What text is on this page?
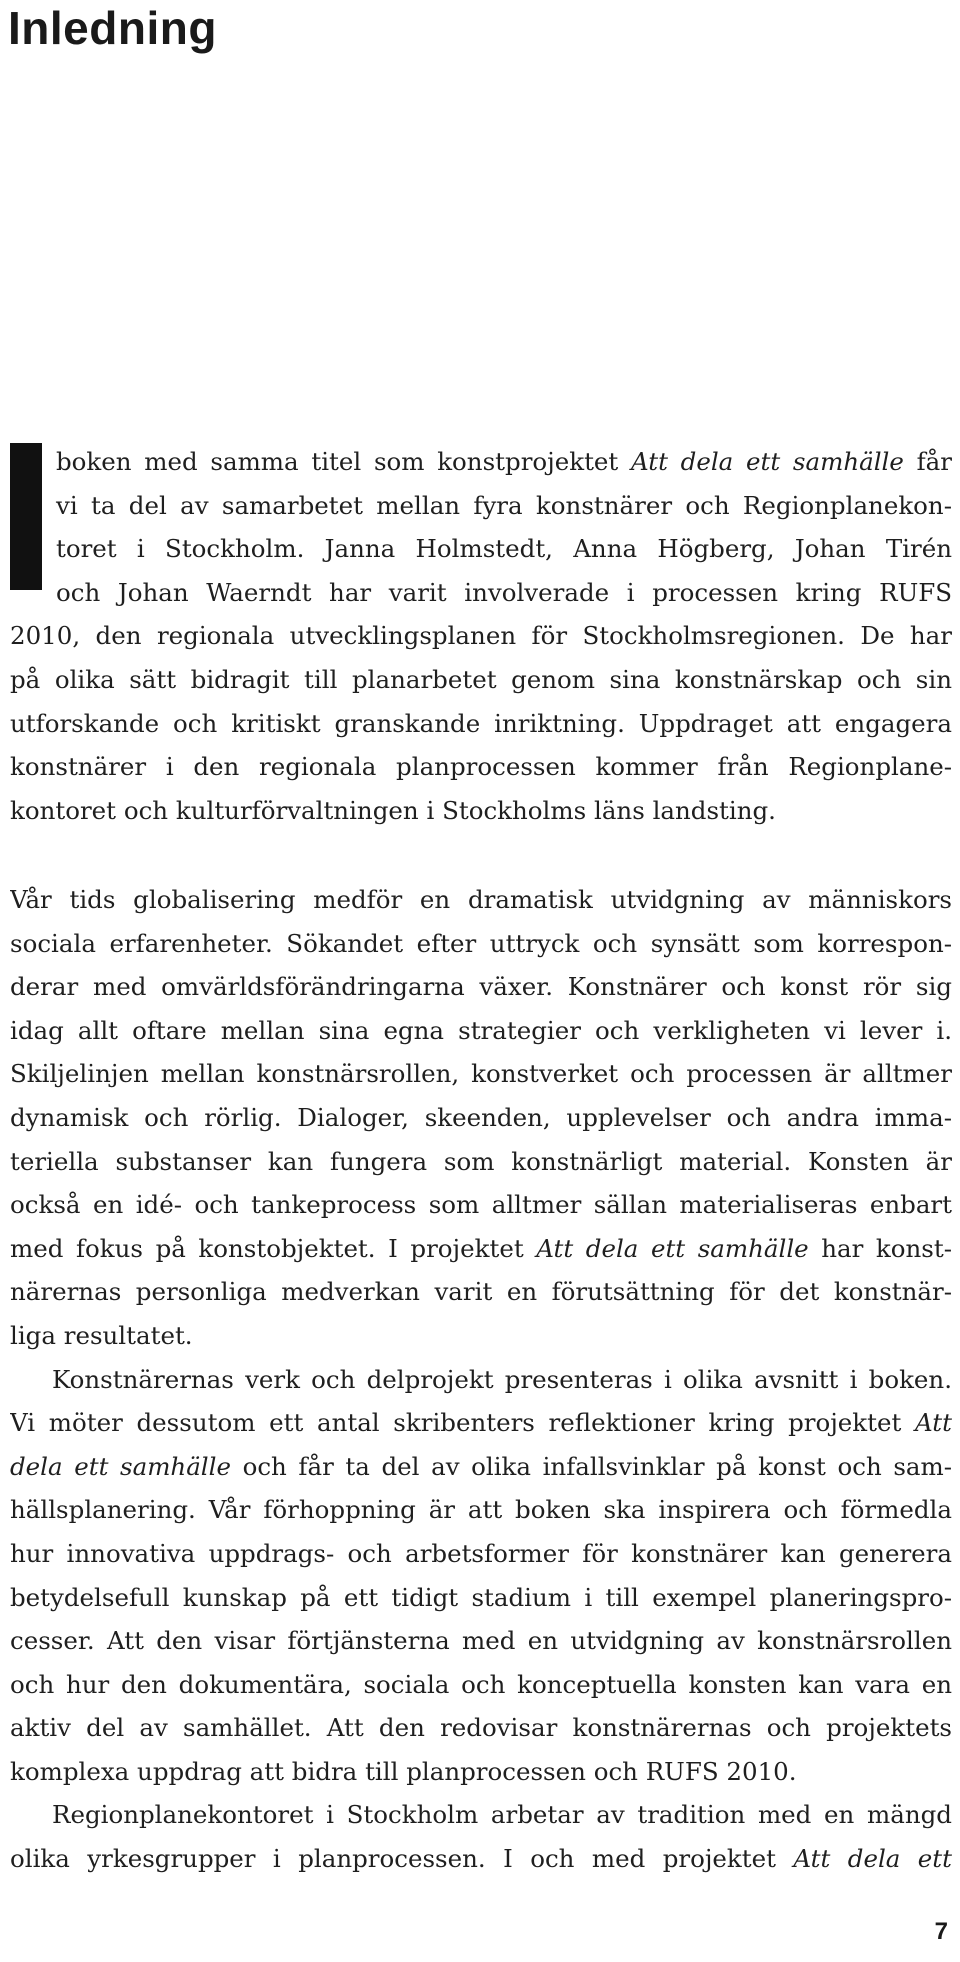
Inledning
boken med samma titel som konstprojektet Att dela ett samhälle får
vi ta del av samarbetet mellan fyra konstnärer och Regionplanekon-
toret i Stockholm. Janna Holmstedt, Anna Högberg, Johan Tirén
och Johan Waerndt har varit involverade i processen kring RUFS
2010, den regionala utvecklingsplanen för Stockholmsregionen. De har
på olika sätt bidragit till planarbetet genom sina konstnärskap och sin
utforskande och kritiskt granskande inriktning. Uppdraget att engagera
konstnärer i den regionala planprocessen kommer från Regionplane-
kontoret och kulturförvaltningen i Stockholms läns landsting.
Vår tids globalisering medför en dramatisk utvidgning av människors
sociala erfarenheter. Sökandet efter uttryck och synsätt som korrespon-
derar med omvärldsförändringarna växer. Konstnärer och konst rör sig
idag allt oftare mellan sina egna strategier och verkligheten vi lever i.
Skiljelinjen mellan konstnärsrollen, konstverket och processen är alltmer
dynamisk och rörlig. Dialoger, skeenden, upplevelser och andra imma-
teriella substanser kan fungera som konstnärligt material. Konsten är
också en idé- och tankeprocess som alltmer sällan materialiseras enbart
med fokus på konstobjektet. I projektet Att dela ett samhälle har konst-
närernas personliga medverkan varit en förutsättning för det konstnär-
liga resultatet.
Konstnärernas verk och delprojekt presenteras i olika avsnitt i boken.
Vi möter dessutom ett antal skribenters reflektioner kring projektet Att
dela ett samhälle och får ta del av olika infallsvinklar på konst och sam-
hällsplanering. Vår förhoppning är att boken ska inspirera och förmedla
hur innovativa uppdrags- och arbetsformer för konstnärer kan generera
betydelsefull kunskap på ett tidigt stadium i till exempel planeringspro-
cesser. Att den visar förtjänsterna med en utvidgning av konstnärsrollen
och hur den dokumentära, sociala och konceptuella konsten kan vara en
aktiv del av samhället. Att den redovisar konstnärernas och projektets
komplexa uppdrag att bidra till planprocessen och RUFS 2010.
Regionplanekontoret i Stockholm arbetar av tradition med en mängd
olika yrkesgrupper i planprocessen. I och med projektet Att dela ett
7
